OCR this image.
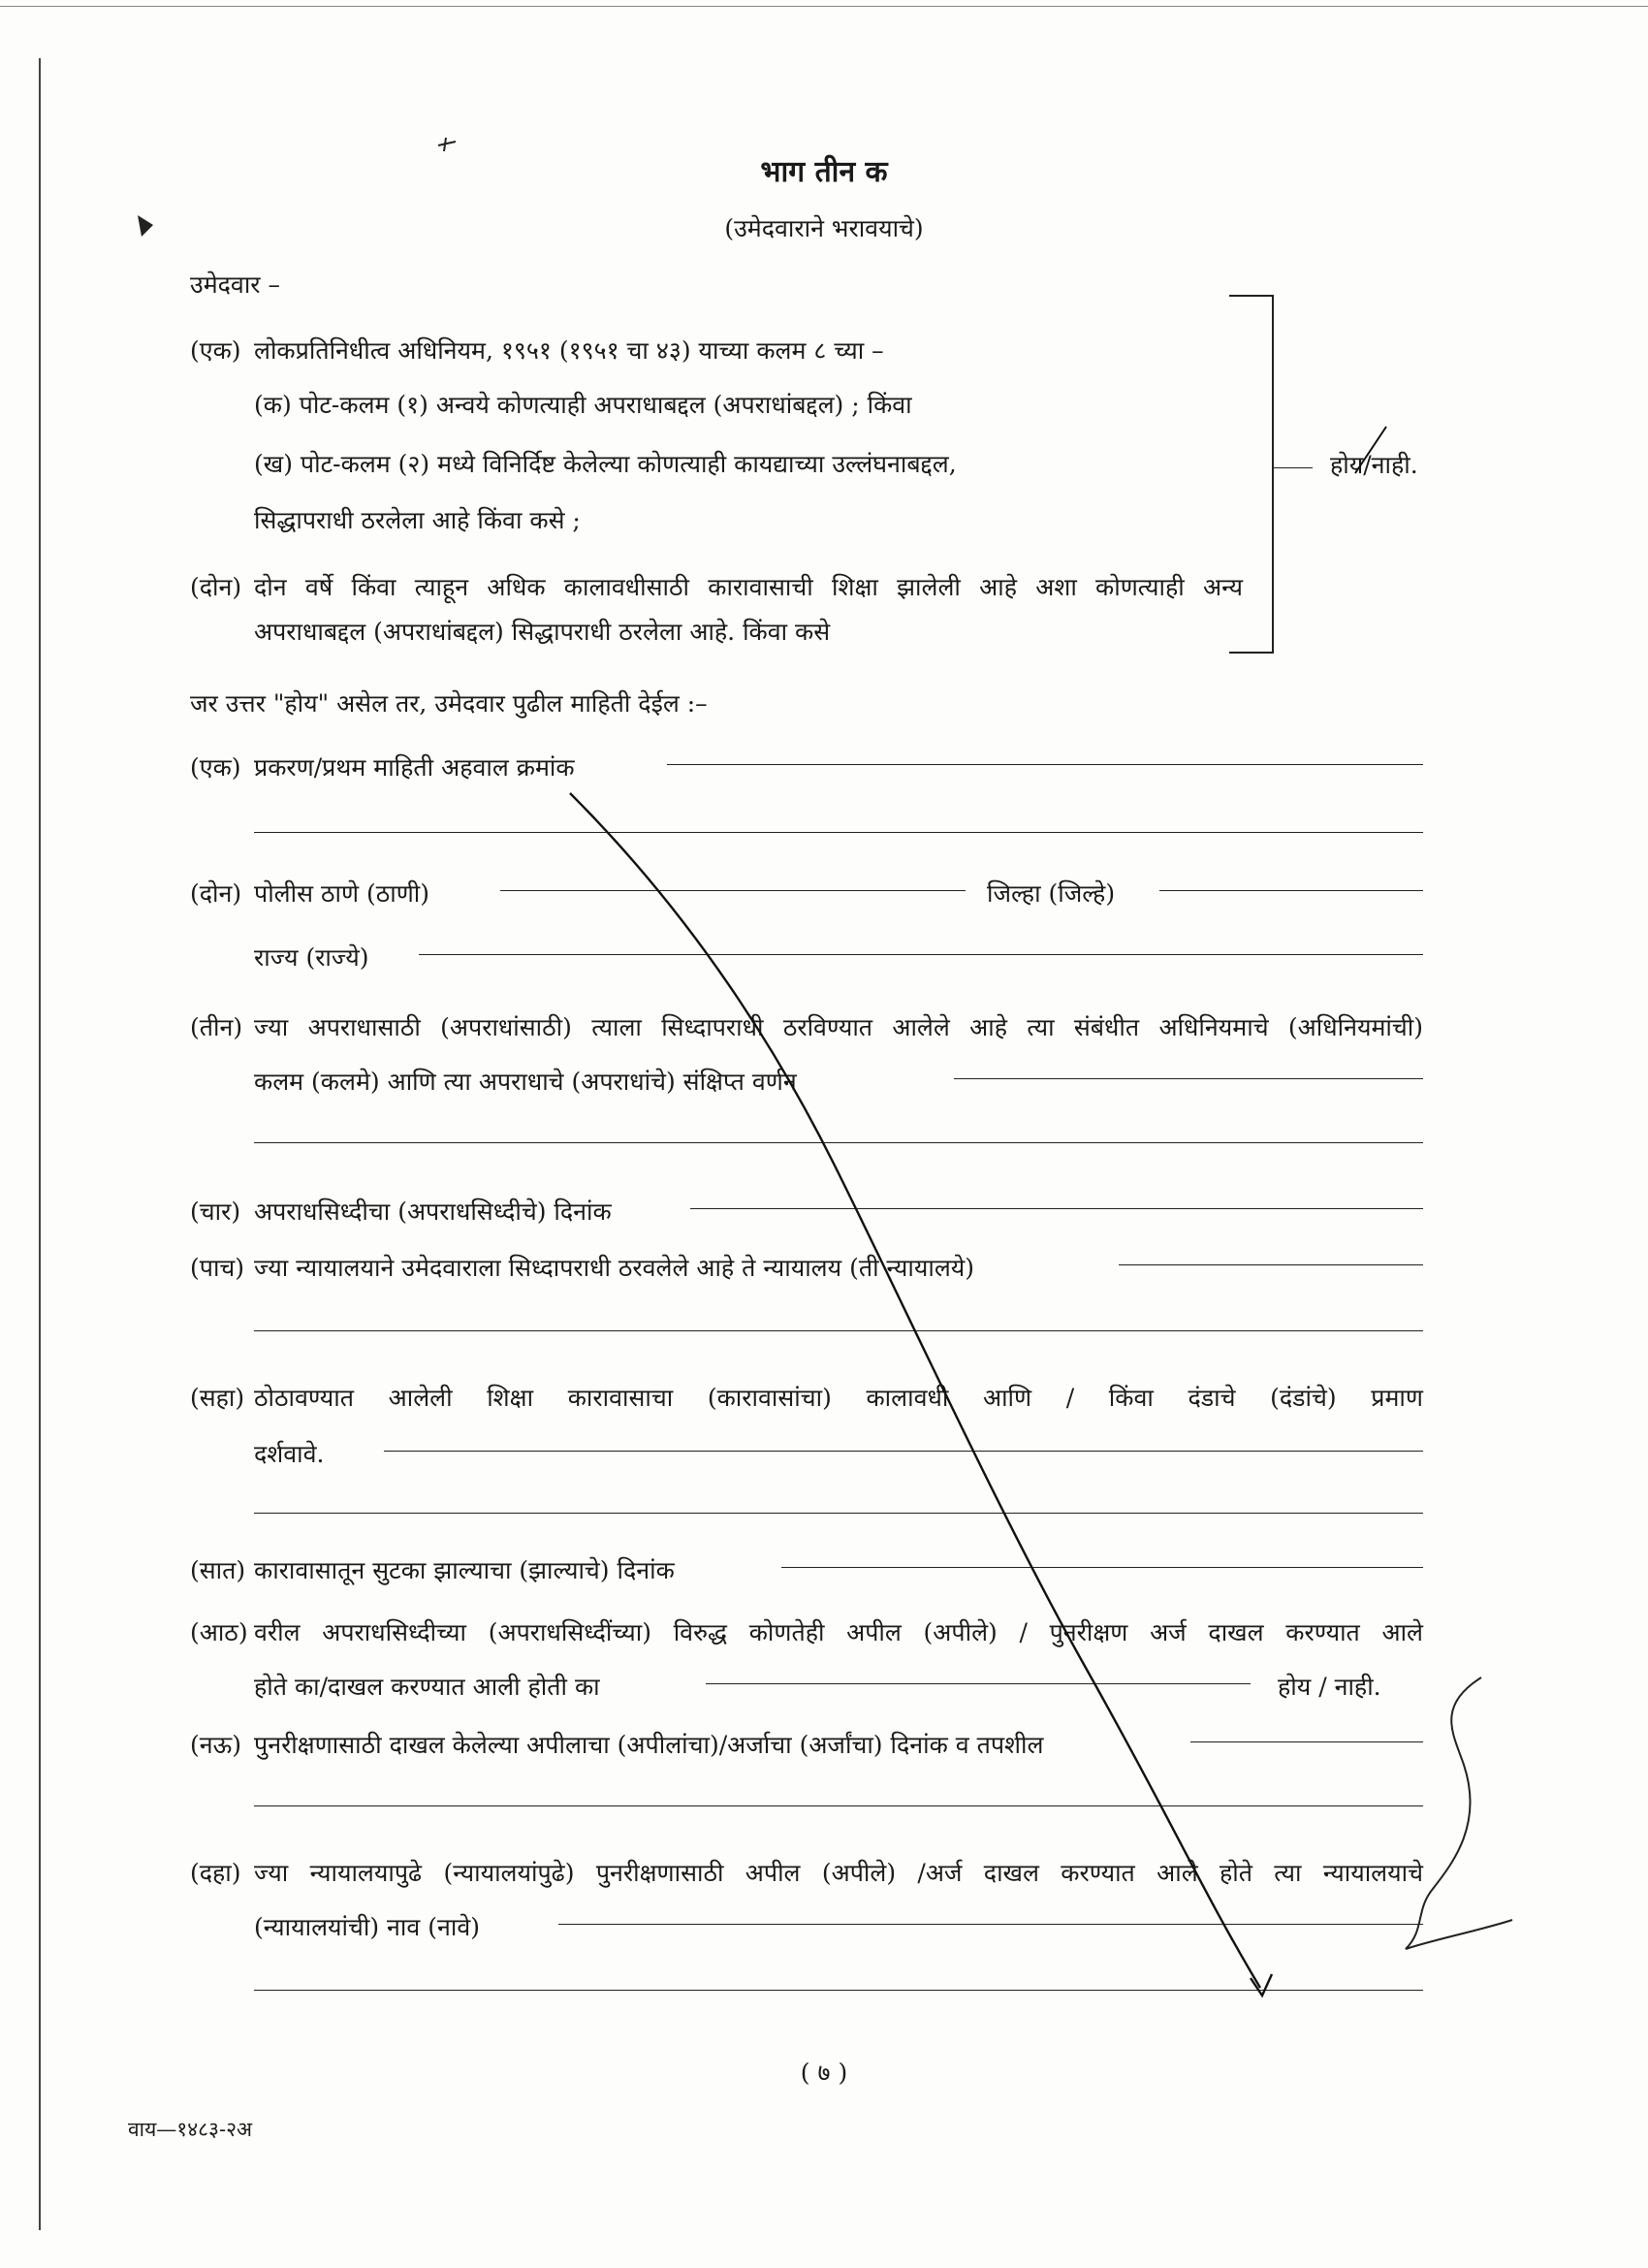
भाग तीन क
(उमेदवाराने भरावयाचे)
उमेदवार –
(एक) लोकप्रतिनिधीत्व अधिनियम, १९५१ (१९५१ चा ४३) याच्या कलम ८ च्या –
(क) पोट-कलम (१) अन्वये कोणत्याही अपराधाबद्दल (अपराधांबद्दल) ; किंवा
(ख) पोट-कलम (२) मध्ये विनिर्दिष्ट केलेल्या कोणत्याही कायद्याच्या उल्लंघनाबद्दल,
सिद्धापराधी ठरलेला आहे किंवा कसे ;
(दोन) दोन वर्षे किंवा त्याहून अधिक कालावधीसाठी कारावासाची शिक्षा झालेली आहे अशा कोणत्याही अन्य
अपराधाबद्दल (अपराधांबद्दल) सिद्धापराधी ठरलेला आहे. किंवा कसे
होय/नाही.
जर उत्तर "होय" असेल तर, उमेदवार पुढील माहिती देईल :–
(एक) प्रकरण/प्रथम माहिती अहवाल क्रमांक
(दोन) पोलीस ठाणे (ठाणी)	जिल्हा (जिल्हे)
राज्य (राज्ये)
(तीन) ज्या अपराधासाठी (अपराधांसाठी) त्याला सिध्दापराधी ठरविण्यात आलेले आहे त्या संबंधीत अधिनियमाचे (अधिनियमांची)
कलम (कलमे) आणि त्या अपराधाचे (अपराधांचे) संक्षिप्त वर्णन
(चार) अपराधसिध्दीचा (अपराधसिध्दीचे) दिनांक
(पाच) ज्या न्यायालयाने उमेदवाराला सिध्दापराधी ठरवलेले आहे ते न्यायालय (ती न्यायालये)
(सहा) ठोठावण्यात आलेली शिक्षा कारावासाचा (कारावासांचा) कालावधी आणि / किंवा दंडाचे (दंडांचे) प्रमाण
दर्शवावे.
(सात) कारावासातून सुटका झाल्याचा (झाल्याचे) दिनांक
(आठ) वरील अपराधसिध्दीच्या (अपराधसिध्दींच्या) विरुद्ध कोणतेही अपील (अपीले) / पुनरीक्षण अर्ज दाखल करण्यात आले
होते का/दाखल करण्यात आली होती का	होय / नाही.
(नऊ) पुनरीक्षणासाठी दाखल केलेल्या अपीलाचा (अपीलांचा)/अर्जाचा (अर्जांचा) दिनांक व तपशील
(दहा) ज्या न्यायालयापुढे (न्यायालयांपुढे) पुनरीक्षणासाठी अपील (अपीले) /अर्ज दाखल करण्यात आले होते त्या न्यायालयाचे
(न्यायालयांची) नाव (नावे)
( ७ )
वाय—१४८३-२अ
